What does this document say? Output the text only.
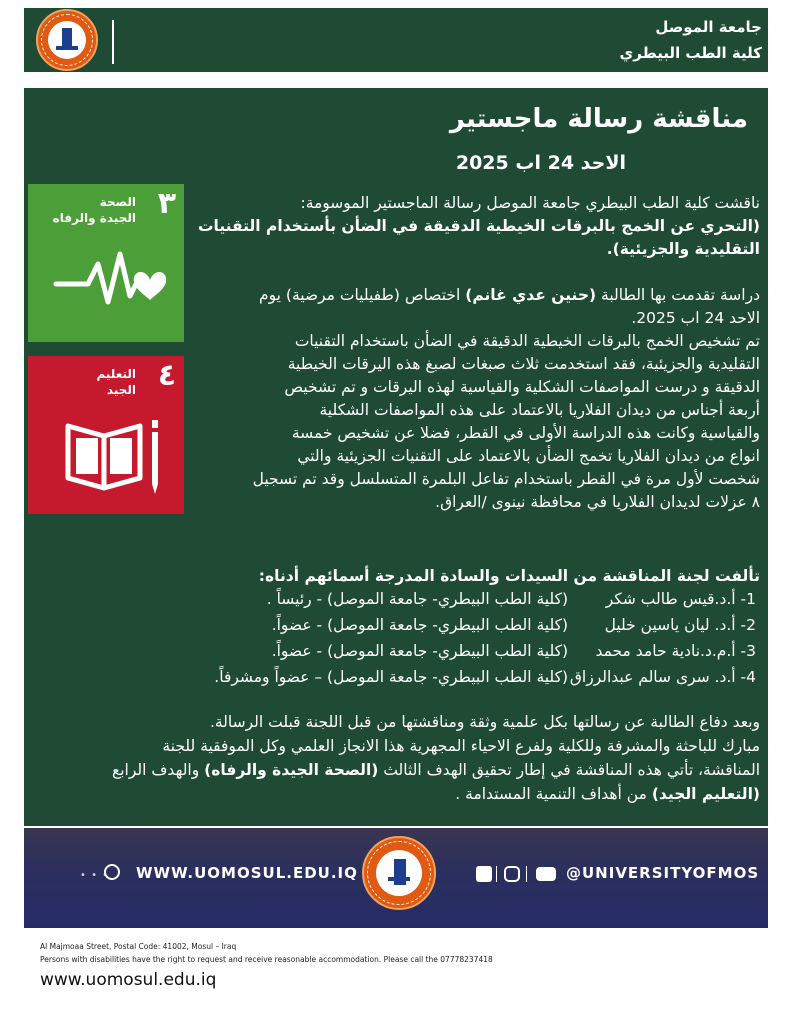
جامعة الموصل
كلية الطب البيطري
مناقشة رسالة ماجستير
الاحد 24 اب 2025
٣
الصحة
الجيدة والرفاه
٤
التعليم
الجيد
ناقشت كلية الطب البيطري جامعة الموصل رسالة الماجستير الموسومة:
(التحري عن الخمج بالبرقات الخيطية الدقيقة في الضأن بأستخدام التقنيات
التقليدية والجزيئية).
دراسة تقدمت بها الطالبة (حنين عدي غانم) اختصاص (طفيليات مرضية) يوم
الاحد 24 اب 2025.
تم تشخيص الخمج بالبرقات الخيطية الدقيقة في الضأن باستخدام التقنيات
التقليدية والجزيئية، فقد استخدمت ثلاث صبغات لصبغ هذه اليرقات الخيطية
الدقيقة و درست المواصفات الشكلية والقياسية لهذه اليرقات و تم تشخيص
أربعة أجناس من ديدان الفلاريا بالاعتماد على هذه المواصفات الشكلية
والقياسية وكانت هذه الدراسة الأولى في القطر، فضلا عن تشخيص خمسة
انواع من ديدان الفلاريا تخمج الضأن بالاعتماد على التقنيات الجزيئية والتي
شخصت لأول مرة في القطر باستخدام تفاعل البلمرة المتسلسل وقد تم تسجيل
٨ عزلات لديدان الفلاريا في محافظة نينوى /العراق.
تألفت لجنة المناقشة من السيدات والسادة المدرجة أسمائهم أدناه:
1- أ.د.قيس طالب شكر
(كلية الطب البيطري- جامعة الموصل) - رئيساً .
2- أ.د. ليان ياسين خليل
(كلية الطب البيطري- جامعة الموصل) - عضواً.
3- أ.م.د.نادية حامد محمد
(كلية الطب البيطري- جامعة الموصل) - عضواً.
4- أ.د. سرى سالم عبدالرزاق
(كلية الطب البيطري- جامعة الموصل) – عضواً ومشرفاً.
وبعد دفاع الطالبة عن رسالتها بكل علمية وثقة ومناقشتها من قبل اللجنة قبلت الرسالة.
مبارك للباحثة والمشرفة وللكلية ولفرع الاحياء المجهرية هذا الانجاز العلمي وكل الموفقية للجنة
المناقشة، تأتي هذه المناقشة في إطار تحقيق الهدف الثالث (الصحة الجيدة والرفاه) والهدف الرابع
(التعليم الجيد) من أهداف التنمية المستدامة .
• • • WWW.UOMOSUL.EDU.IQ	@UNIVERSITYOFMOS
Al Majmoaa Street, Postal Code: 41002, Mosul – Iraq
Persons with disabilities have the right to request and receive reasonable accommodation. Please call the 07778237418
www.uomosul.edu.iq
